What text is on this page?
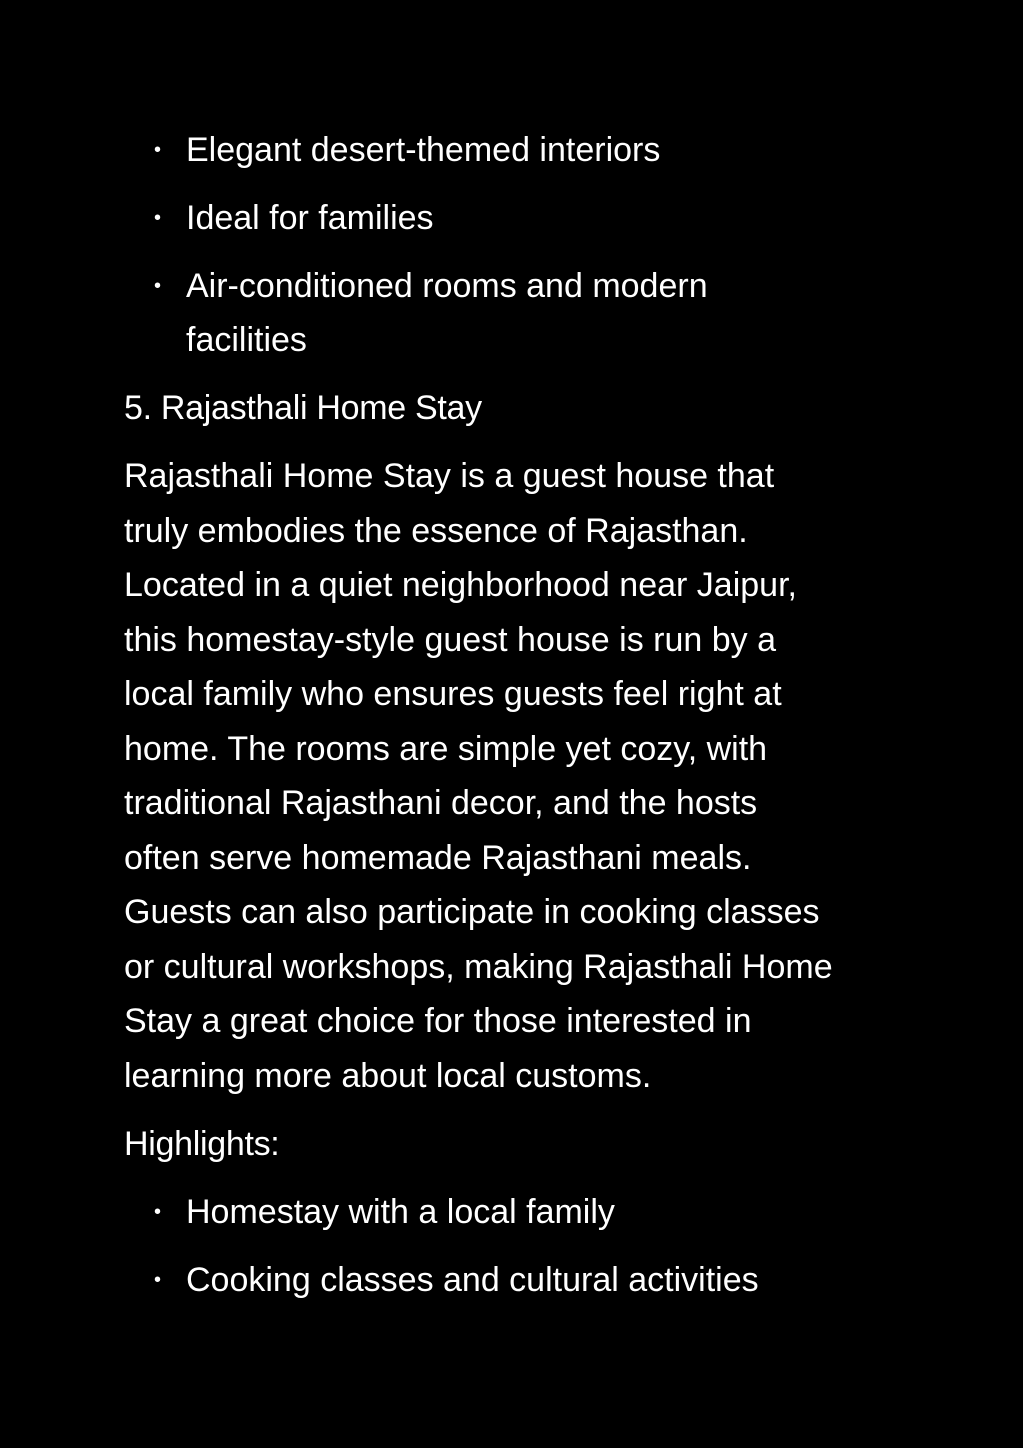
• Elegant desert-themed interiors
• Ideal for families
• Air-conditioned rooms and modern facilities
5. Rajasthali Home Stay

Rajasthali Home Stay is a guest house that
truly embodies the essence of Rajasthan.
Located in a quiet neighborhood near Jaipur,
this homestay-style guest house is run by a
local family who ensures guests feel right at
home. The rooms are simple yet cozy, with
traditional Rajasthani decor, and the hosts
often serve homemade Rajasthani meals.
Guests can also participate in cooking classes
or cultural workshops, making Rajasthali Home
Stay a great choice for those interested in
learning more about local customs.

Highlights:
• Homestay with a local family
• Cooking classes and cultural activities
